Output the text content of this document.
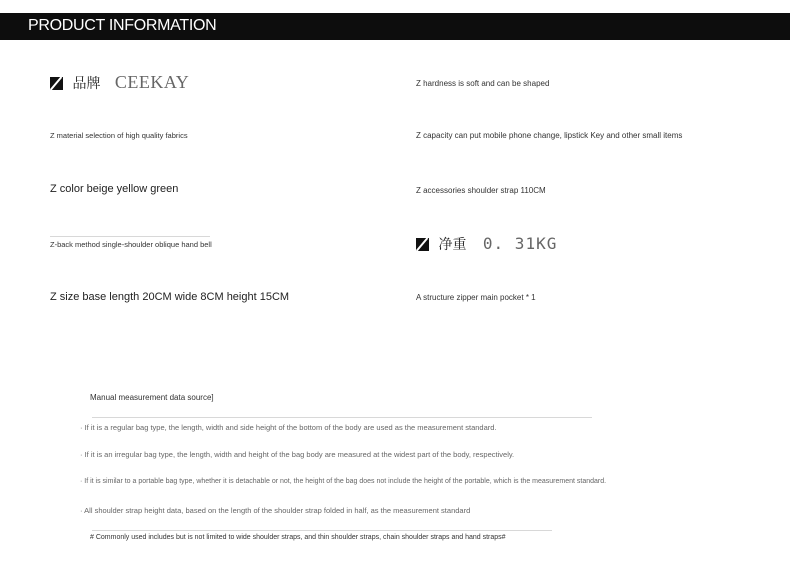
PRODUCT INFORMATION
品牌 CEEKAY
Z material selection of high quality fabrics
Z color beige yellow green
Z-back method single-shoulder oblique hand bell
Z size base length 20CM wide 8CM height 15CM
Z hardness is soft and can be shaped
Z capacity can put mobile phone change, lipstick Key and other small items
Z accessories shoulder strap 110CM
净重 0. 31KG
A structure zipper main pocket * 1
Manual measurement data source]
· If it is a regular bag type, the length, width and side height of the bottom of the body are used as the measurement standard.
· If it is an irregular bag type, the length, width and height of the bag body are measured at the widest part of the body, respectively.
· If it is similar to a portable bag type, whether it is detachable or not, the height of the bag does not include the height of the portable, which is the measurement standard.
· All shoulder strap height data, based on the length of the shoulder strap folded in half, as the measurement standard
# Commonly used includes but is not limited to wide shoulder straps, and thin shoulder straps, chain shoulder straps and hand straps#
